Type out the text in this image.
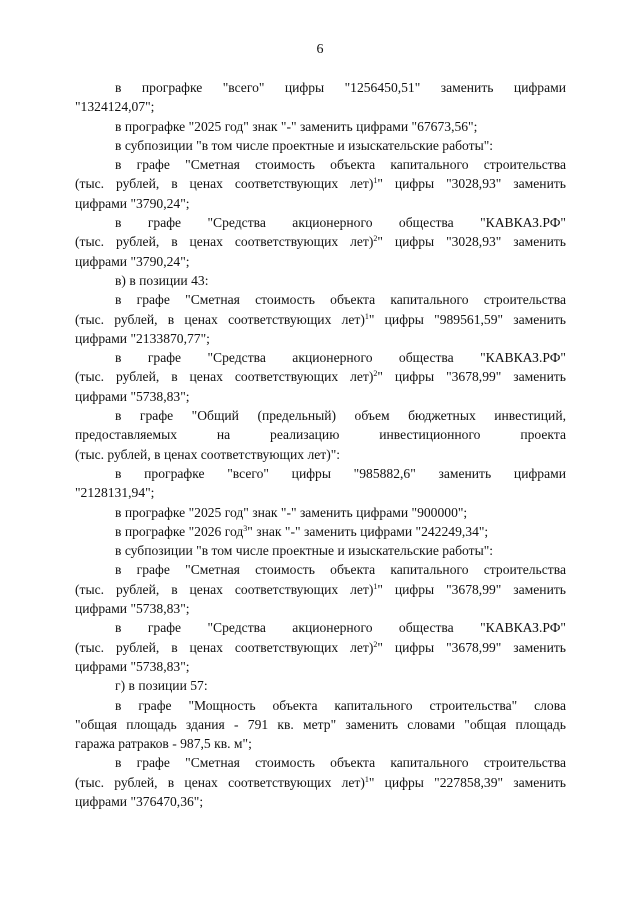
6
в прографке "всего" цифры "1256450,51" заменить цифрами
"1324124,07";
в прографке "2025 год" знак "-" заменить цифрами "67673,56";
в субпозиции "в том числе проектные и изыскательские работы":
в графе "Сметная стоимость объекта капитального строительства
(тыс. рублей, в ценах соответствующих лет)$^1$" цифры "3028,93" заменить
цифрами "3790,24";
в графе "Средства акционерного общества "КАВКАЗ.РФ"
(тыс. рублей, в ценах соответствующих лет)$^2$" цифры "3028,93" заменить
цифрами "3790,24";
в) в позиции 43:
в графе "Сметная стоимость объекта капитального строительства
(тыс. рублей, в ценах соответствующих лет)$^1$" цифры "989561,59" заменить
цифрами "2133870,77";
в графе "Средства акционерного общества "КАВКАЗ.РФ"
(тыс. рублей, в ценах соответствующих лет)$^2$" цифры "3678,99" заменить
цифрами "5738,83";
в графе "Общий (предельный) объем бюджетных инвестиций,
предоставляемых на реализацию инвестиционного проекта
(тыс. рублей, в ценах соответствующих лет)":
в прографке "всего" цифры "985882,6" заменить цифрами
"2128131,94";
в прографке "2025 год" знак "-" заменить цифрами "900000";
в прографке "2026 год$^3$" знак "-" заменить цифрами "242249,34";
в субпозиции "в том числе проектные и изыскательские работы":
в графе "Сметная стоимость объекта капитального строительства
(тыс. рублей, в ценах соответствующих лет)$^1$" цифры "3678,99" заменить
цифрами "5738,83";
в графе "Средства акционерного общества "КАВКАЗ.РФ"
(тыс. рублей, в ценах соответствующих лет)$^2$" цифры "3678,99" заменить
цифрами "5738,83";
г) в позиции 57:
в графе "Мощность объекта капитального строительства" слова
"общая площадь здания - 791 кв. метр" заменить словами "общая площадь
гаража ратраков - 987,5 кв. м";
в графе "Сметная стоимость объекта капитального строительства
(тыс. рублей, в ценах соответствующих лет)$^1$" цифры "227858,39" заменить
цифрами "376470,36";
